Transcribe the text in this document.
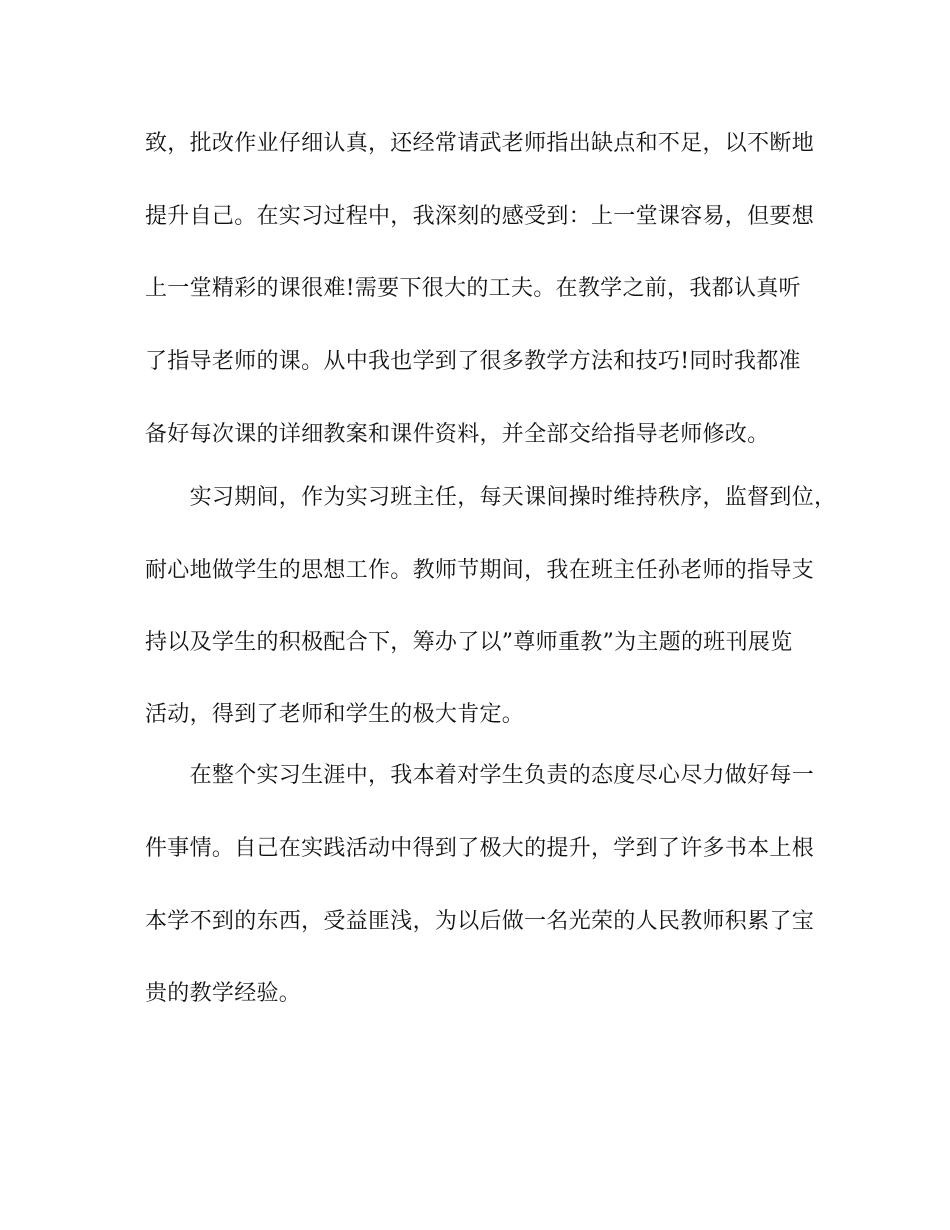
致，批改作业仔细认真，还经常请武老师指出缺点和不足，以不断地
提升自己。在实习过程中，我深刻的感受到：上一堂课容易，但要想
上一堂精彩的课很难!需要下很大的工夫。在教学之前，我都认真听
了指导老师的课。从中我也学到了很多教学方法和技巧!同时我都准
备好每次课的详细教案和课件资料，并全部交给指导老师修改。
　　实习期间，作为实习班主任，每天课间操时维持秩序，监督到位，
耐心地做学生的思想工作。教师节期间，我在班主任孙老师的指导支
持以及学生的积极配合下，筹办了以”尊师重教”为主题的班刊展览
活动，得到了老师和学生的极大肯定。
　　在整个实习生涯中，我本着对学生负责的态度尽心尽力做好每一
件事情。自己在实践活动中得到了极大的提升，学到了许多书本上根
本学不到的东西，受益匪浅，为以后做一名光荣的人民教师积累了宝
贵的教学经验。
